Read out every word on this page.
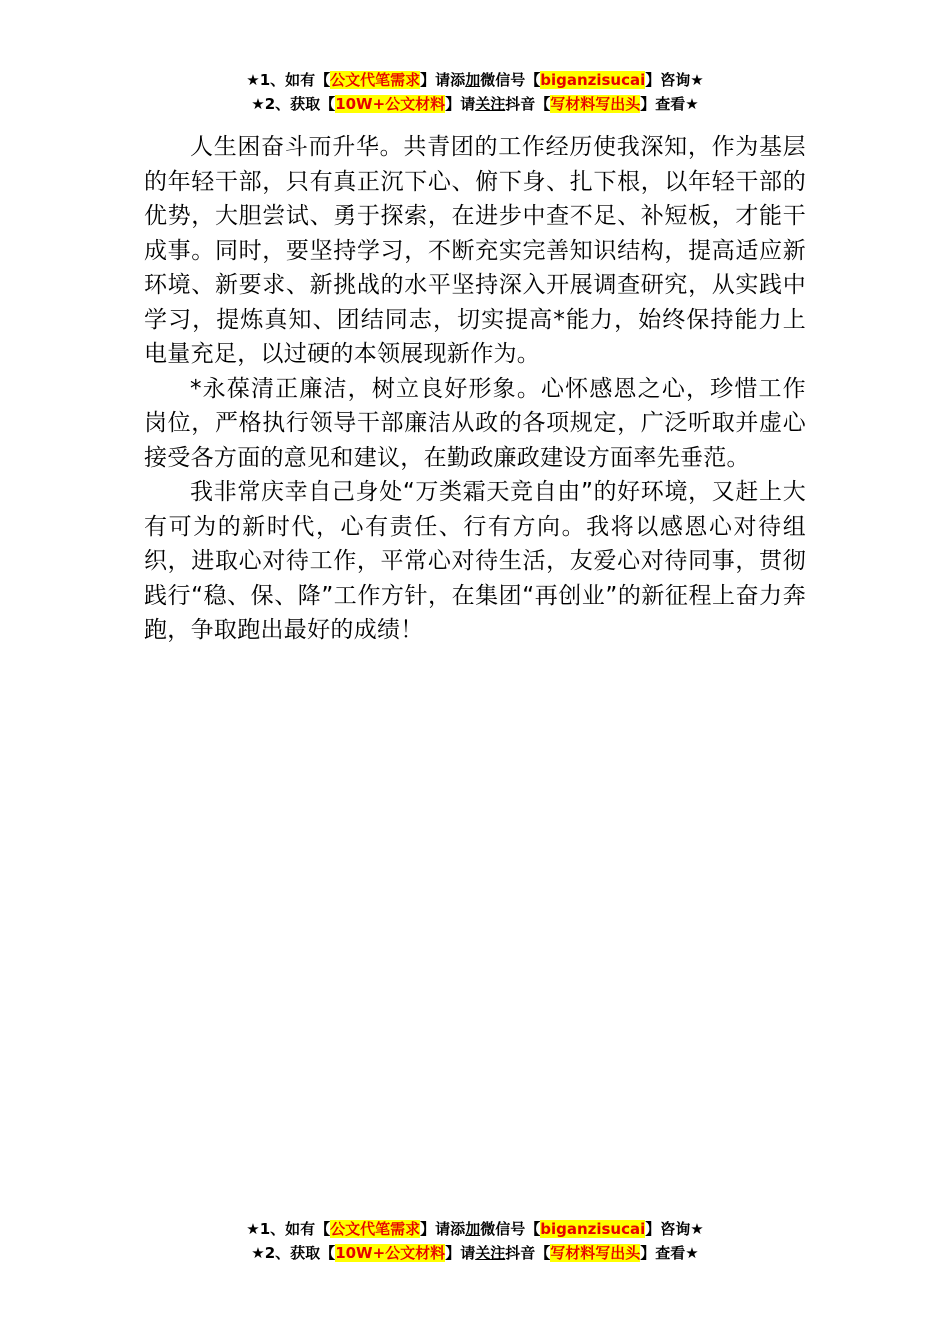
★1、如有【公文代笔需求】请添加微信号【biganzisucai】咨询★
★2、获取【10W+公文材料】请关注抖音【写材料写出头】查看★

人生困奋斗而升华。共青团的工作经历使我深知，作为基层的年轻干部，只有真正沉下心、俯下身、扎下根，以年轻干部的优势，大胆尝试、勇于探索，在进步中查不足、补短板，才能干成事。同时，要坚持学习，不断充实完善知识结构，提高适应新环境、新要求、新挑战的水平坚持深入开展调查研究，从实践中学习，提炼真知、团结同志，切实提高*能力，始终保持能力上电量充足，以过硬的本领展现新作为。

*永葆清正廉洁，树立良好形象。心怀感恩之心，珍惜工作岗位，严格执行领导干部廉洁从政的各项规定，广泛听取并虚心接受各方面的意见和建议，在勤政廉政建设方面率先垂范。

我非常庆幸自己身处“万类霜天竞自由”的好环境，又赶上大有可为的新时代，心有责任、行有方向。我将以感恩心对待组织，进取心对待工作，平常心对待生活，友爱心对待同事，贯彻践行“稳、保、降”工作方针，在集团“再创业”的新征程上奋力奔跑，争取跑出最好的成绩！

★1、如有【公文代笔需求】请添加微信号【biganzisucai】咨询★
★2、获取【10W+公文材料】请关注抖音【写材料写出头】查看★
